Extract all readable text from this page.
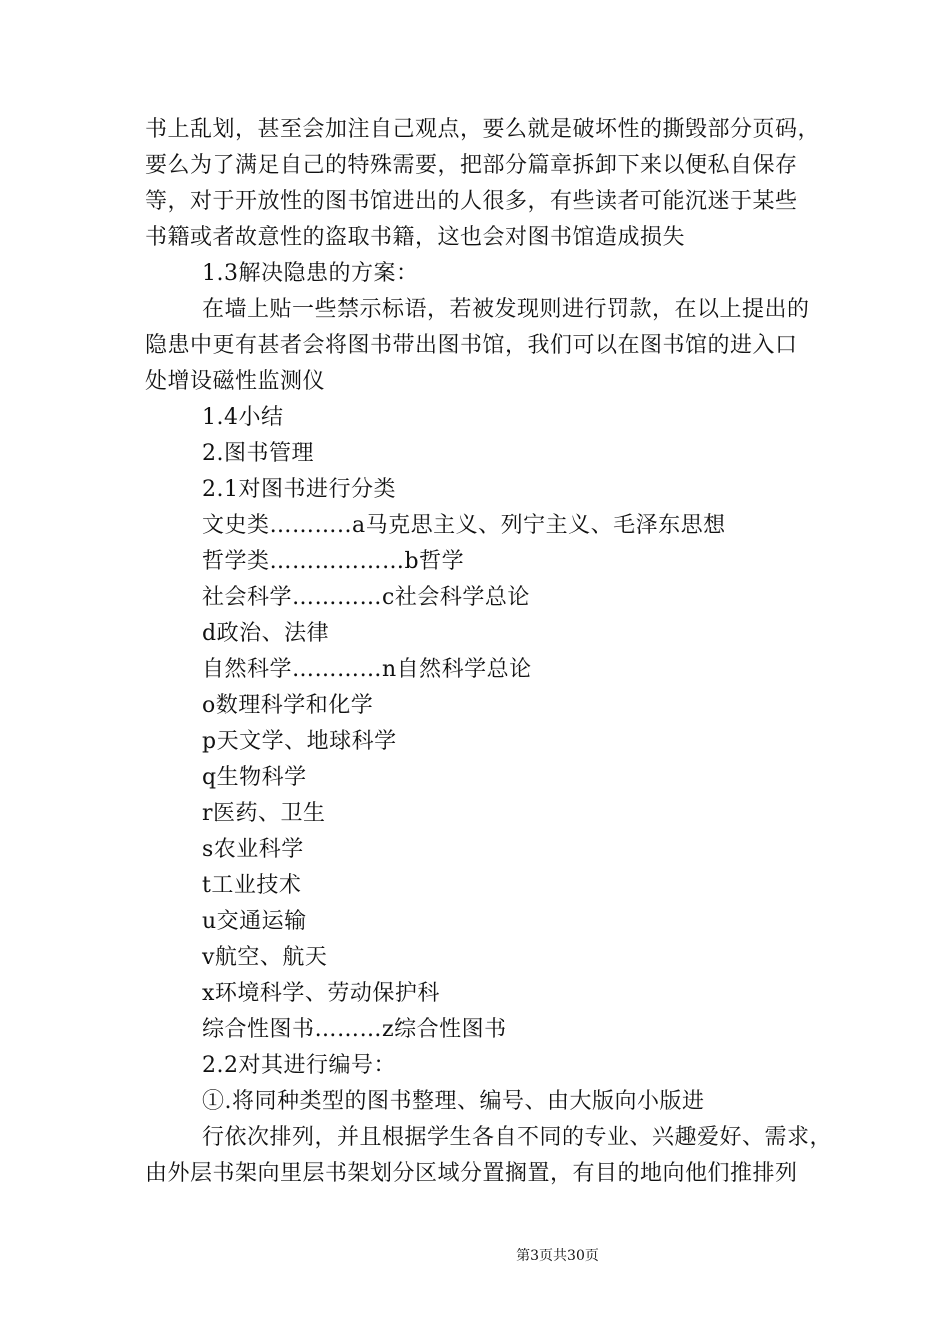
书上乱划，甚至会加注自己观点，要么就是破坏性的撕毁部分页码，
要么为了满足自己的特殊需要，把部分篇章拆卸下来以便私自保存
等，对于开放性的图书馆进出的人很多，有些读者可能沉迷于某些
书籍或者故意性的盗取书籍，这也会对图书馆造成损失
1.3解决隐患的方案：
在墙上贴一些禁示标语，若被发现则进行罚款，在以上提出的
隐患中更有甚者会将图书带出图书馆，我们可以在图书馆的进入口
处增设磁性监测仪
1.4小结
2.图书管理
2.1对图书进行分类
文史类………..a马克思主义、列宁主义、毛泽东思想
哲学类………………b哲学
社会科学…………c社会科学总论
d政治、法律
自然科学…………n自然科学总论
o数理科学和化学
p天文学、地球科学
q生物科学
r医药、卫生
s农业科学
t工业技术
u交通运输
v航空、航天
x环境科学、劳动保护科
综合性图书………z综合性图书
2.2对其进行编号：
①.将同种类型的图书整理、编号、由大版向小版进
行依次排列，并且根据学生各自不同的专业、兴趣爱好、需求，
由外层书架向里层书架划分区域分置搁置，有目的地向他们推排列
第3页共30页
